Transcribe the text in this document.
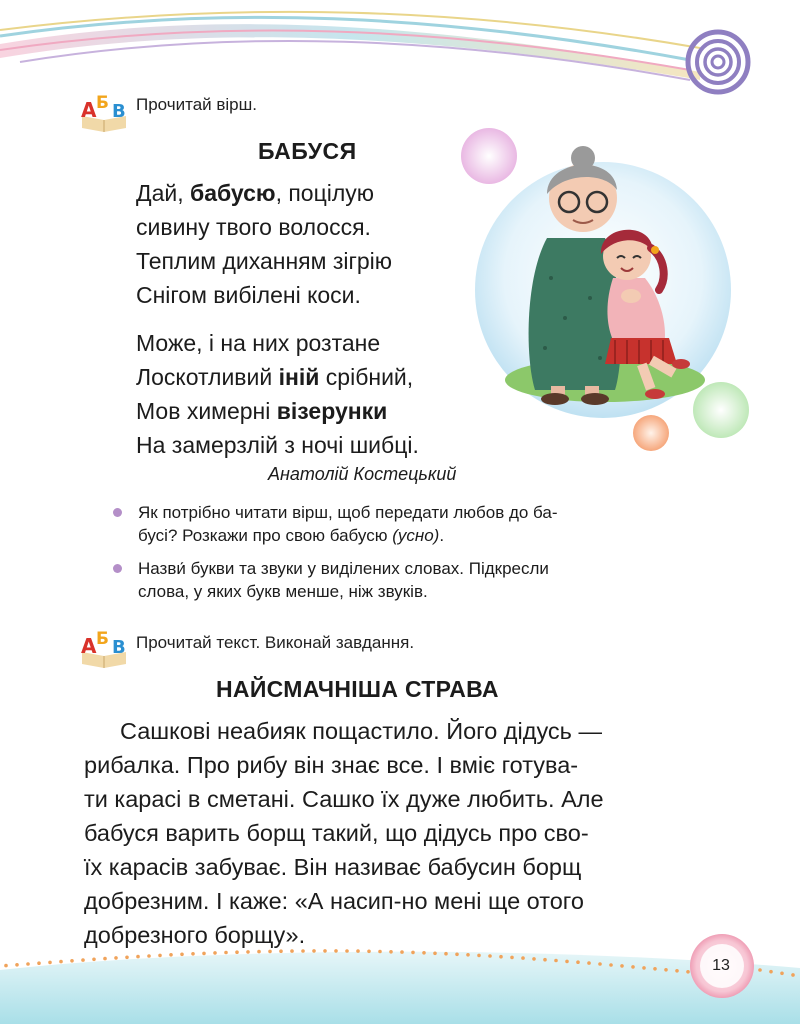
А Б В Прочитай вірш.
БАБУСЯ
Дай, бабусю, поцілую
сивину твого волосся.
Теплим диханням зігрію
Снігом вибілені коси.
Може, і на них розтане
Лоскотливий іній срібний,
Мов химерні візерунки
На замерзлій з ночі шибці.
Анатолій Костецький
Як потрібно читати вірш, щоб передати любов до ба-
бусі? Розкажи про свою бабусю (усно).
Назви́ букви та звуки у виділених словах. Підкресли
слова, у яких букв менше, ніж звуків.
А Б В Прочитай текст. Виконай завдання.
НАЙСМАЧНІША СТРАВА
Сашкові неабияк пощастило. Його дідусь —
рибалка. Про рибу він знає все. І вміє готува-
ти карасі в сметані. Сашко їх дуже любить. Але
бабуся варить борщ такий, що дідусь про сво-
їх карасів забуває. Він називає бабусин борщ
добрезним. І каже: «А насип-но мені ще отого
добрезного борщу».
13
